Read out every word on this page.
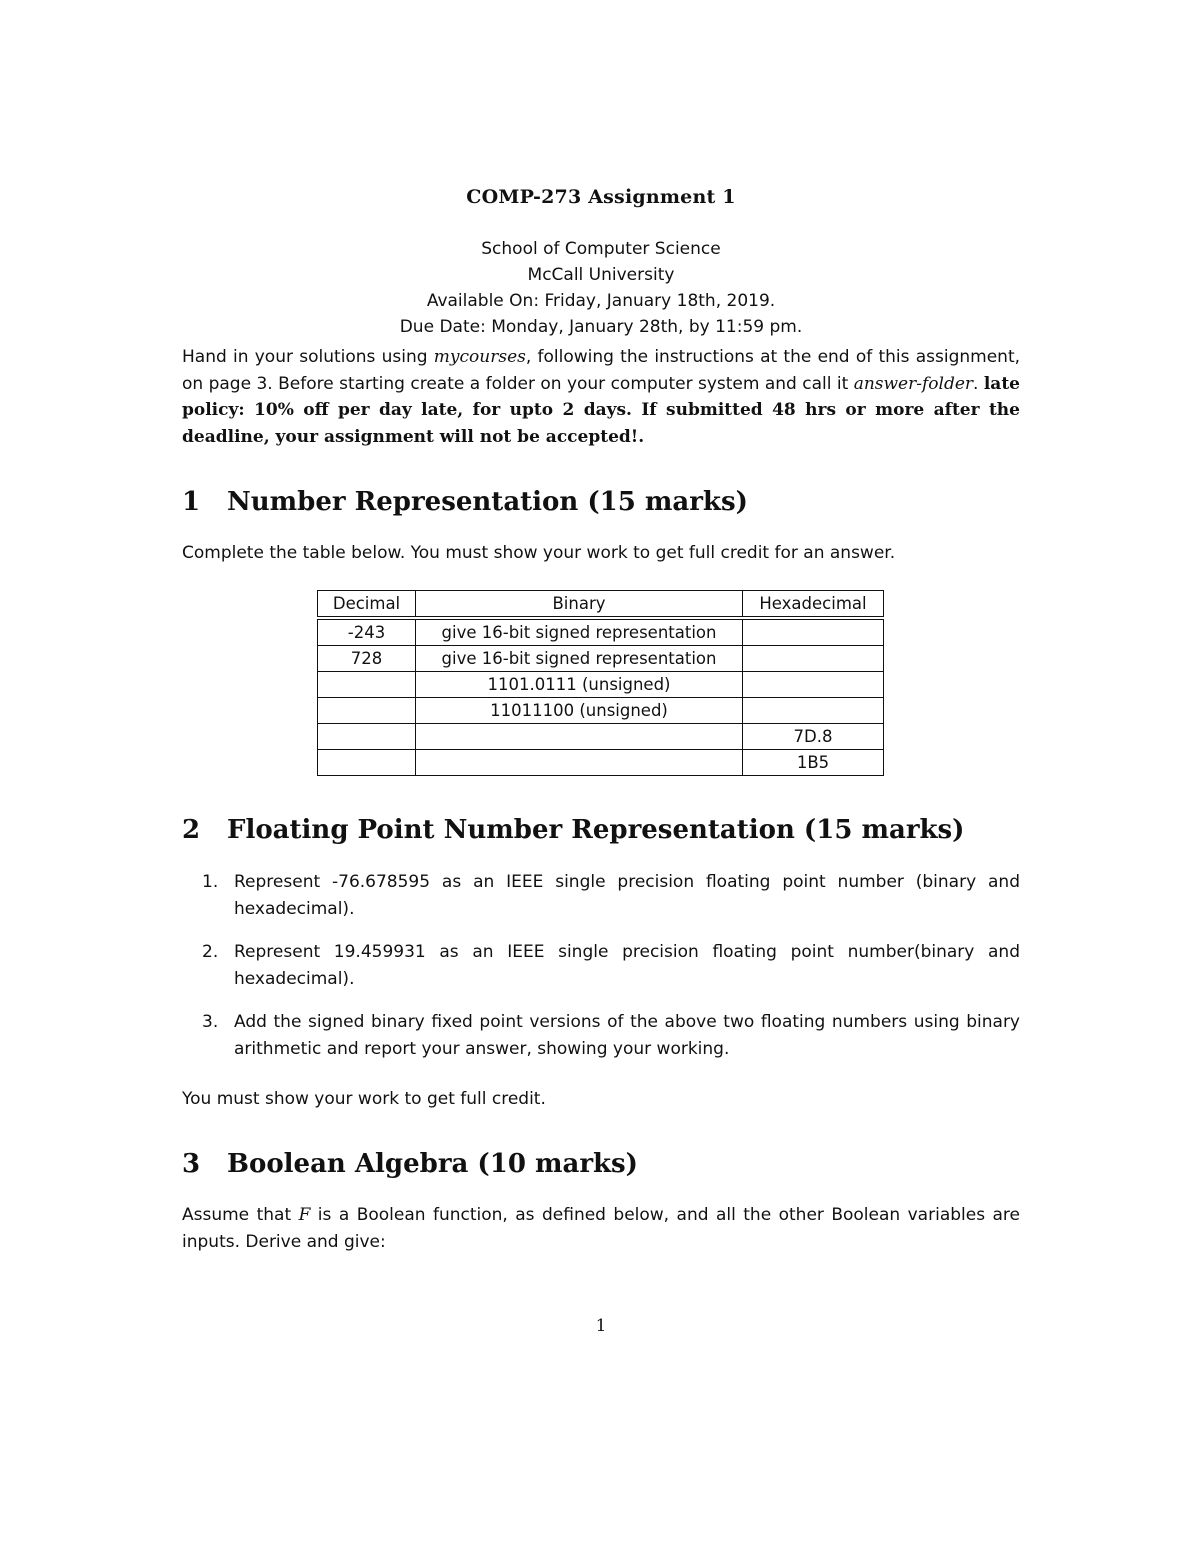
COMP-273 Assignment 1

School of Computer Science

McCall University

Available On: Friday, January 18th, 2019.

Due Date: Monday, January 28th, by 11:59 pm.

Hand in your solutions using mycourses, following the instructions at the end of this assignment, on page 3. Before starting create a folder on your computer system and call it answer-folder. late policy: 10% off per day late, for upto 2 days. If submitted 48 hrs or more after the deadline, your assignment will not be accepted!.
1 Number Representation (15 marks)

Complete the table below. You must show your work to get full credit for an answer.

Decimal	Binary	Hexadecimal
-243	give 16-bit signed representation	
728	give 16-bit signed representation	
	1101.0111 (unsigned)	
	11011100 (unsigned)	
		7D.8
		1B5
2 Floating Point Number Representation (15 marks)
1. Represent -76.678595 as an IEEE single precision floating point number (binary and hexadecimal).
2. Represent 19.459931 as an IEEE single precision floating point number(binary and hexadecimal).
3. Add the signed binary fixed point versions of the above two floating numbers using binary arithmetic and report your answer, showing your working.

You must show your work to get full credit.

3 Boolean Algebra (10 marks)

Assume that F is a Boolean function, as defined below, and all the other Boolean variables are inputs. Derive and give:

1
